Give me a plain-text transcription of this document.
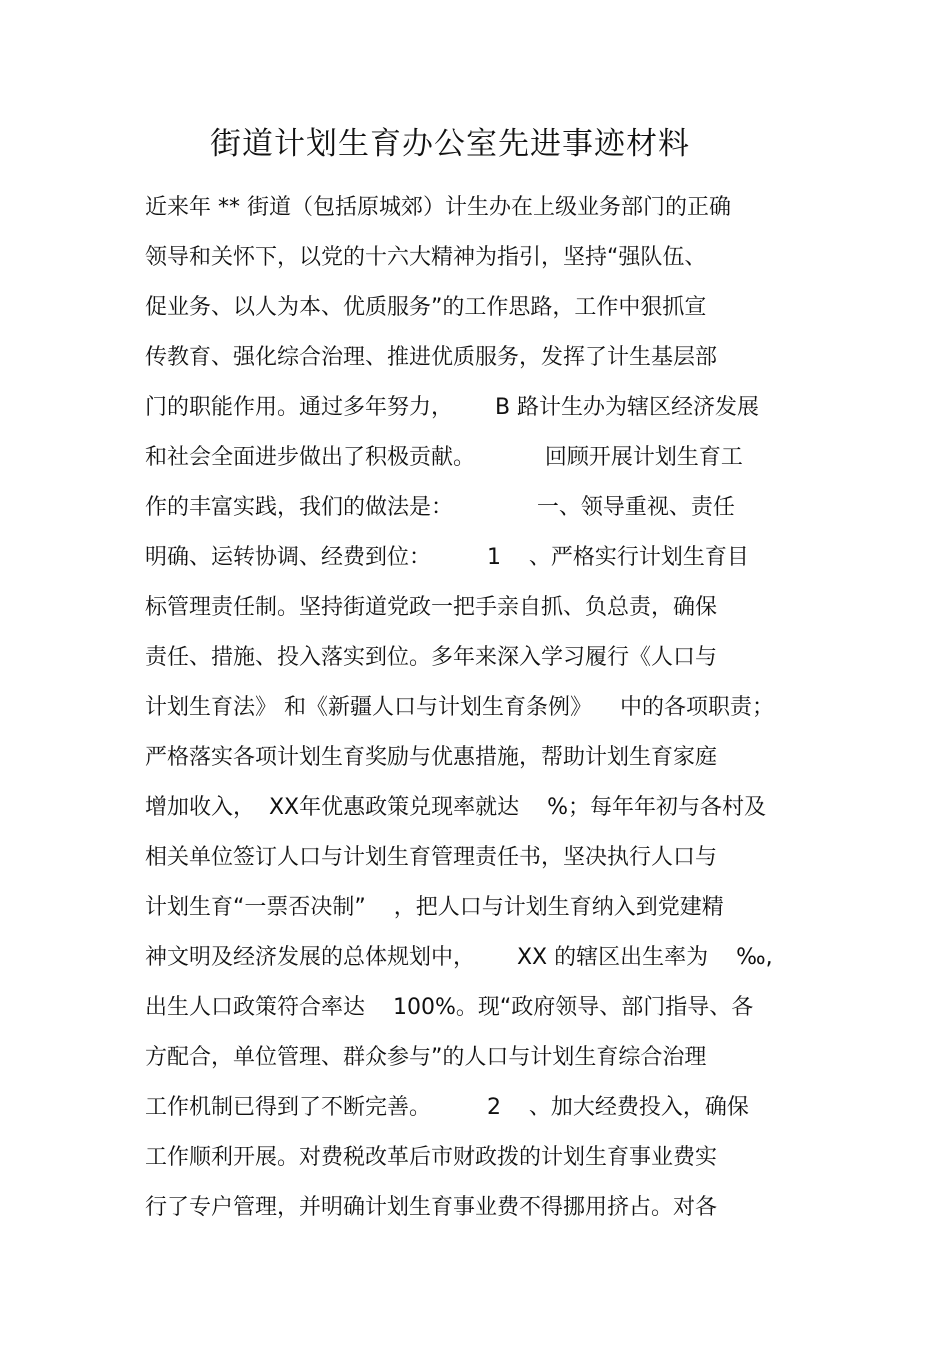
街道计划生育办公室先进事迹材料
近来年 ** 街道（包括原城郊）计生办在上级业务部门的正确
领导和关怀下，以党的十六大精神为指引，坚持“强队伍、
促业务、以人为本、优质服务”的工作思路，工作中狠抓宣
传教育、强化综合治理、推进优质服务，发挥了计生基层部
门的职能作用。通过多年努力，      B 路计生办为辖区经济发展
和社会全面进步做出了积极贡献。          回顾开展计划生育工
作的丰富实践，我们的做法是：            一、领导重视、责任
明确、运转协调、经费到位：        1    、严格实行计划生育目
标管理责任制。坚持街道党政一把手亲自抓、负总责，确保
责任、措施、投入落实到位。多年来深入学习履行《人口与
计划生育法》 和《新疆人口与计划生育条例》    中的各项职责；
严格落实各项计划生育奖励与优惠措施，帮助计划生育家庭
增加收入，  XX年优惠政策兑现率就达    %；每年年初与各村及
相关单位签订人口与计划生育管理责任书，坚决执行人口与
计划生育“一票否决制”    ，把人口与计划生育纳入到党建精
神文明及经济发展的总体规划中，      XX 的辖区出生率为    ‰,
出生人口政策符合率达    100%。现“政府领导、部门指导、各
方配合，单位管理、群众参与”的人口与计划生育综合治理
工作机制已得到了不断完善。        2    、加大经费投入，确保
工作顺利开展。对费税改革后市财政拨的计划生育事业费实
行了专户管理，并明确计划生育事业费不得挪用挤占。对各
